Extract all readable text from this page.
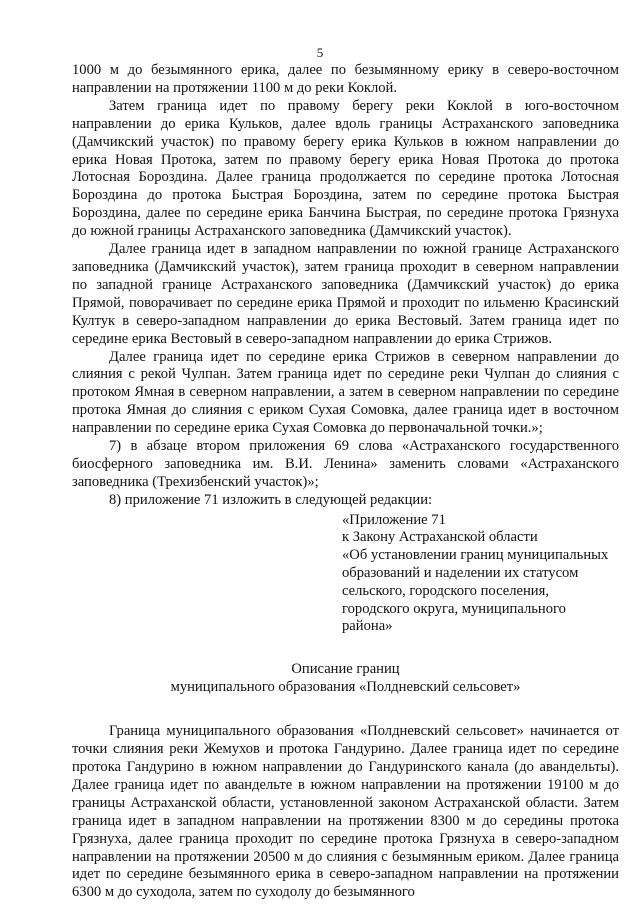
5

1000 м до безымянного ерика, далее по безымянному ерику в северо-восточном направлении на протяжении 1100 м до реки Коклой.

Затем граница идет по правому берегу реки Коклой в юго-восточном направлении до ерика Кульков, далее вдоль границы Астраханского заповедника (Дамчикский участок) по правому берегу ерика Кульков в южном направлении до ерика Новая Протока, затем по правому берегу ерика Новая Протока до протока Лотосная Бороздина. Далее граница продолжается по середине протока Лотосная Бороздина до протока Быстрая Бороздина, затем по середине протока Быстрая Бороздина, далее по середине ерика Банчина Быстрая, по середине протока Грязнуха до южной границы Астраханского заповедника (Дамчикский участок).

Далее граница идет в западном направлении по южной границе Астраханского заповедника (Дамчикский участок), затем граница проходит в северном направлении по западной границе Астраханского заповедника (Дамчикский участок) до ерика Прямой, поворачивает по середине ерика Прямой и проходит по ильменю Красинский Култук в северо-западном направлении до ерика Вестовый. Затем граница идет по середине ерика Вестовый в северо-западном направлении до ерика Стрижов.

Далее граница идет по середине ерика Стрижов в северном направлении до слияния с рекой Чулпан. Затем граница идет по середине реки Чулпан до слияния с протоком Ямная в северном направлении, а затем в северном направлении по середине протока Ямная до слияния с ериком Сухая Сомовка, далее граница идет в восточном направлении по середине ерика Сухая Сомовка до первоначальной точки.»;

7) в абзаце втором приложения 69 слова «Астраханского государственного биосферного заповедника им. В.И. Ленина» заменить словами «Астраханского заповедника (Трехизбенский участок)»;

8) приложение 71 изложить в следующей редакции:

«Приложение 71
к Закону Астраханской области
«Об установлении границ муниципальных образований и наделении их статусом сельского, городского поселения, городского округа, муниципального района»
Описание границ
муниципального образования «Полдневский сельсовет»

Граница муниципального образования «Полдневский сельсовет» начинается от точки слияния реки Жемухов и протока Гандурино. Далее граница идет по середине протока Гандурино в южном направлении до Гандуринского канала (до авандельты). Далее граница идет по авандельте в южном направлении на протяжении 19100 м до границы Астраханской области, установленной законом Астраханской области. Затем граница идет в западном направлении на протяжении 8300 м до середины протока Грязнуха, далее граница проходит по середине протока Грязнуха в северо-западном направлении на протяжении 20500 м до слияния с безымянным ериком. Далее граница идет по середине безымянного ерика в северо-западном направлении на протяжении 6300 м до суходола, затем по суходолу до безымянного
